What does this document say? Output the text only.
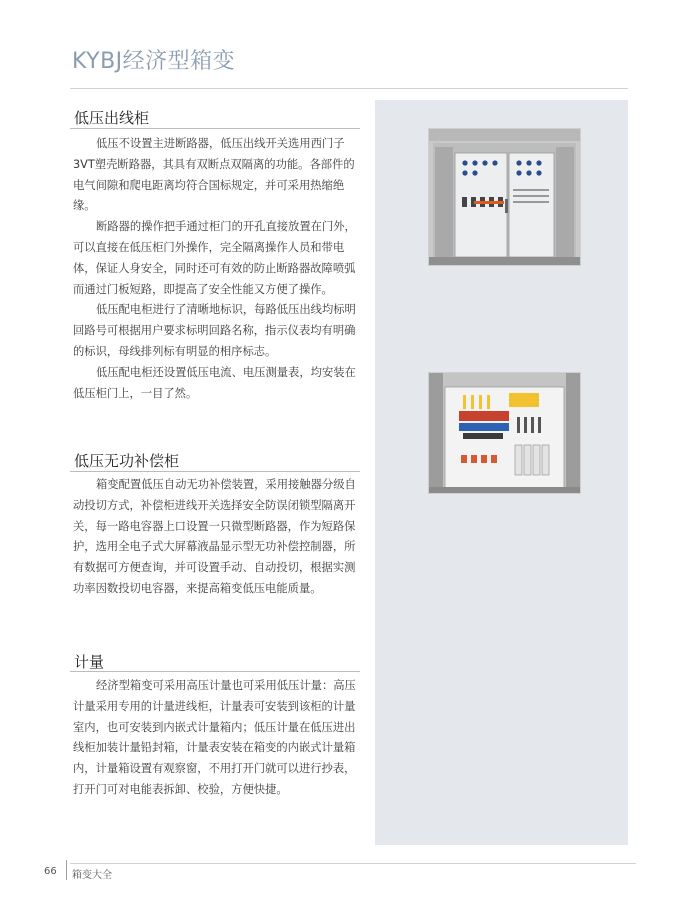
KYBJ经济型箱变
低压出线柜

低压不设置主进断路器，低压出线开关选用西门子
3VT塑壳断路器，其具有双断点双隔离的功能。各部件的
电气间隙和爬电距离均符合国标规定，并可采用热缩绝
缘。

断路器的操作把手通过柜门的开孔直接放置在门外，
可以直接在低压柜门外操作，完全隔离操作人员和带电
体，保证人身安全，同时还可有效的防止断路器故障喷弧
而通过门板短路，即提高了安全性能又方便了操作。

低压配电柜进行了清晰地标识，每路低压出线均标明
回路号可根据用户要求标明回路名称，指示仪表均有明确
的标识，母线排列标有明显的相序标志。

低压配电柜还设置低压电流、电压测量表，均安装在
低压柜门上，一目了然。

低压无功补偿柜

箱变配置低压自动无功补偿装置，采用接触器分级自
动投切方式，补偿柜进线开关选择安全防误闭锁型隔离开
关，每一路电容器上口设置一只微型断路器，作为短路保
护，选用全电子式大屏幕液晶显示型无功补偿控制器，所
有数据可方便查询，并可设置手动、自动投切，根据实测
功率因数投切电容器，来提高箱变低压电能质量。

计量

经济型箱变可采用高压计量也可采用低压计量：高压
计量采用专用的计量进线柜，计量表可安装到该柜的计量
室内，也可安装到内嵌式计量箱内；低压计量在低压进出
线柜加装计量铅封箱，计量表安装在箱变的内嵌式计量箱
内，计量箱设置有观察窗，不用打开门就可以进行抄表，
打开门可对电能表拆卸、校验，方便快捷。

66 箱变大全
